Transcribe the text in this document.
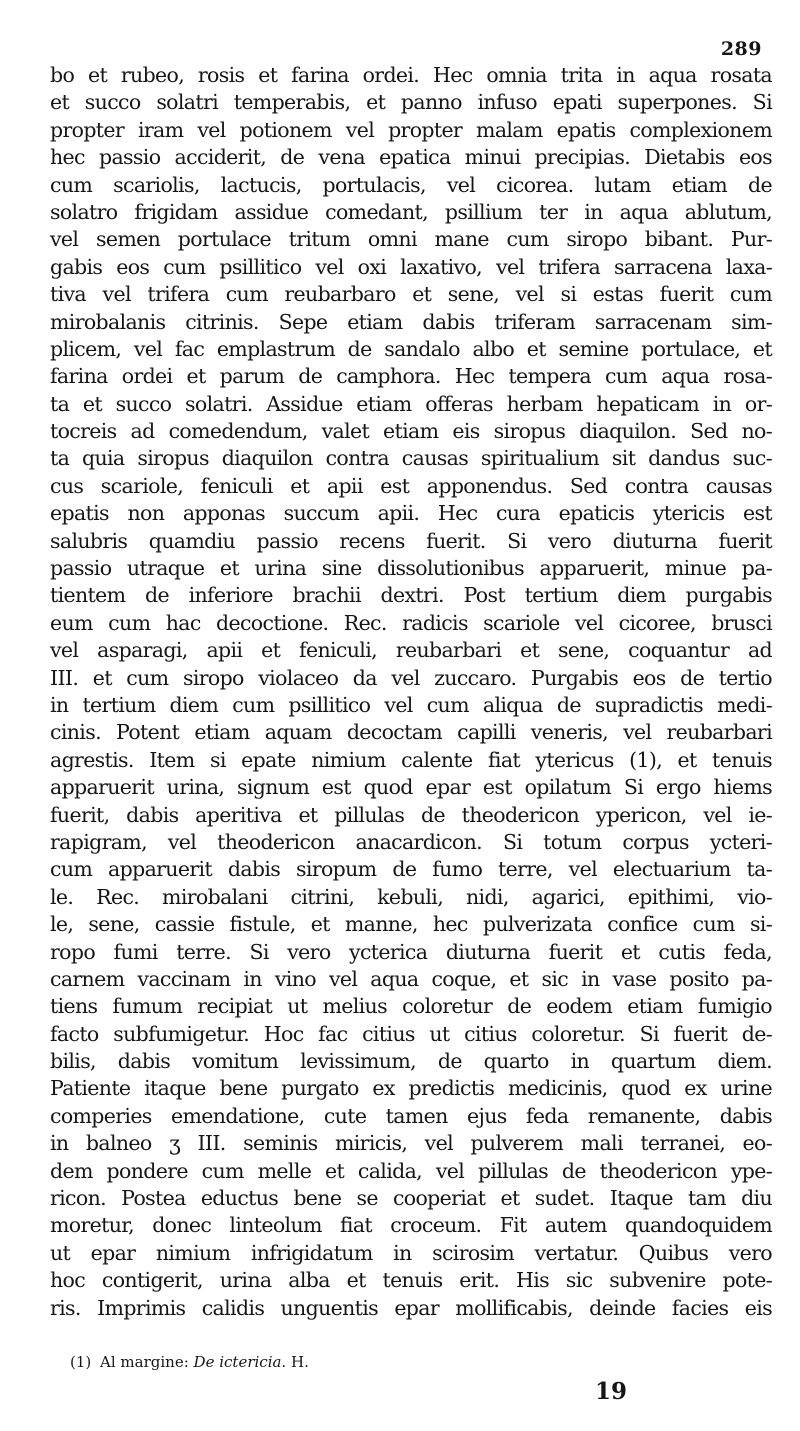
289
bo et rubeo, rosis et farina ordei. Hec omnia trita in aqua rosata
et succo solatri temperabis, et panno infuso epati superpones. Si
propter iram vel potionem vel propter malam epatis complexionem
hec passio acciderit, de vena epatica minui precipias. Dietabis eos
cum scariolis, lactucis, portulacis, vel cicorea. lutam etiam de
solatro frigidam assidue comedant, psillium ter in aqua ablutum,
vel semen portulace tritum omni mane cum siropo bibant. Pur-
gabis eos cum psillitico vel oxi laxativo, vel trifera sarracena laxa-
tiva vel trifera cum reubarbaro et sene, vel si estas fuerit cum
mirobalanis citrinis. Sepe etiam dabis triferam sarracenam sim-
plicem, vel fac emplastrum de sandalo albo et semine portulace, et
farina ordei et parum de camphora. Hec tempera cum aqua rosa-
ta et succo solatri. Assidue etiam offeras herbam hepaticam in or-
tocreis ad comedendum, valet etiam eis siropus diaquilon. Sed no-
ta quia siropus diaquilon contra causas spiritualium sit dandus suc-
cus scariole, feniculi et apii est apponendus. Sed contra causas
epatis non apponas succum apii. Hec cura epaticis ytericis est
salubris quamdiu passio recens fuerit. Si vero diuturna fuerit
passio utraque et urina sine dissolutionibus apparuerit, minue pa-
tientem de inferiore brachii dextri. Post tertium diem purgabis
eum cum hac decoctione. Rec. radicis scariole vel cicoree, brusci
vel asparagi, apii et feniculi, reubarbari et sene, coquantur ad
III. et cum siropo violaceo da vel zuccaro. Purgabis eos de tertio
in tertium diem cum psillitico vel cum aliqua de supradictis medi-
cinis. Potent etiam aquam decoctam capilli veneris, vel reubarbari
agrestis. Item si epate nimium calente fiat ytericus (1), et tenuis
apparuerit urina, signum est quod epar est opilatum Si ergo hiems
fuerit, dabis aperitiva et pillulas de theodericon ypericon, vel ie-
rapigram, vel theodericon anacardicon. Si totum corpus ycteri-
cum apparuerit dabis siropum de fumo terre, vel electuarium ta-
le. Rec. mirobalani citrini, kebuli, nidi, agarici, epithimi, vio-
le, sene, cassie fistule, et manne, hec pulverizata confice cum si-
ropo fumi terre. Si vero ycterica diuturna fuerit et cutis feda,
carnem vaccinam in vino vel aqua coque, et sic in vase posito pa-
tiens fumum recipiat ut melius coloretur de eodem etiam fumigio
facto subfumigetur. Hoc fac citius ut citius coloretur. Si fuerit de-
bilis, dabis vomitum levissimum, de quarto in quartum diem.
Patiente itaque bene purgato ex predictis medicinis, quod ex urine
comperies emendatione, cute tamen ejus feda remanente, dabis
in balneo ʒ III. seminis miricis, vel pulverem mali terranei, eo-
dem pondere cum melle et calida, vel pillulas de theodericon ype-
ricon. Postea eductus bene se cooperiat et sudet. Itaque tam diu
moretur, donec linteolum fiat croceum. Fit autem quandoquidem
ut epar nimium infrigidatum in scirosim vertatur. Quibus vero
hoc contigerit, urina alba et tenuis erit. His sic subvenire pote-
ris. Imprimis calidis unguentis epar mollificabis, deinde facies eis
(1) Al margine: De ictericia. H.
19
